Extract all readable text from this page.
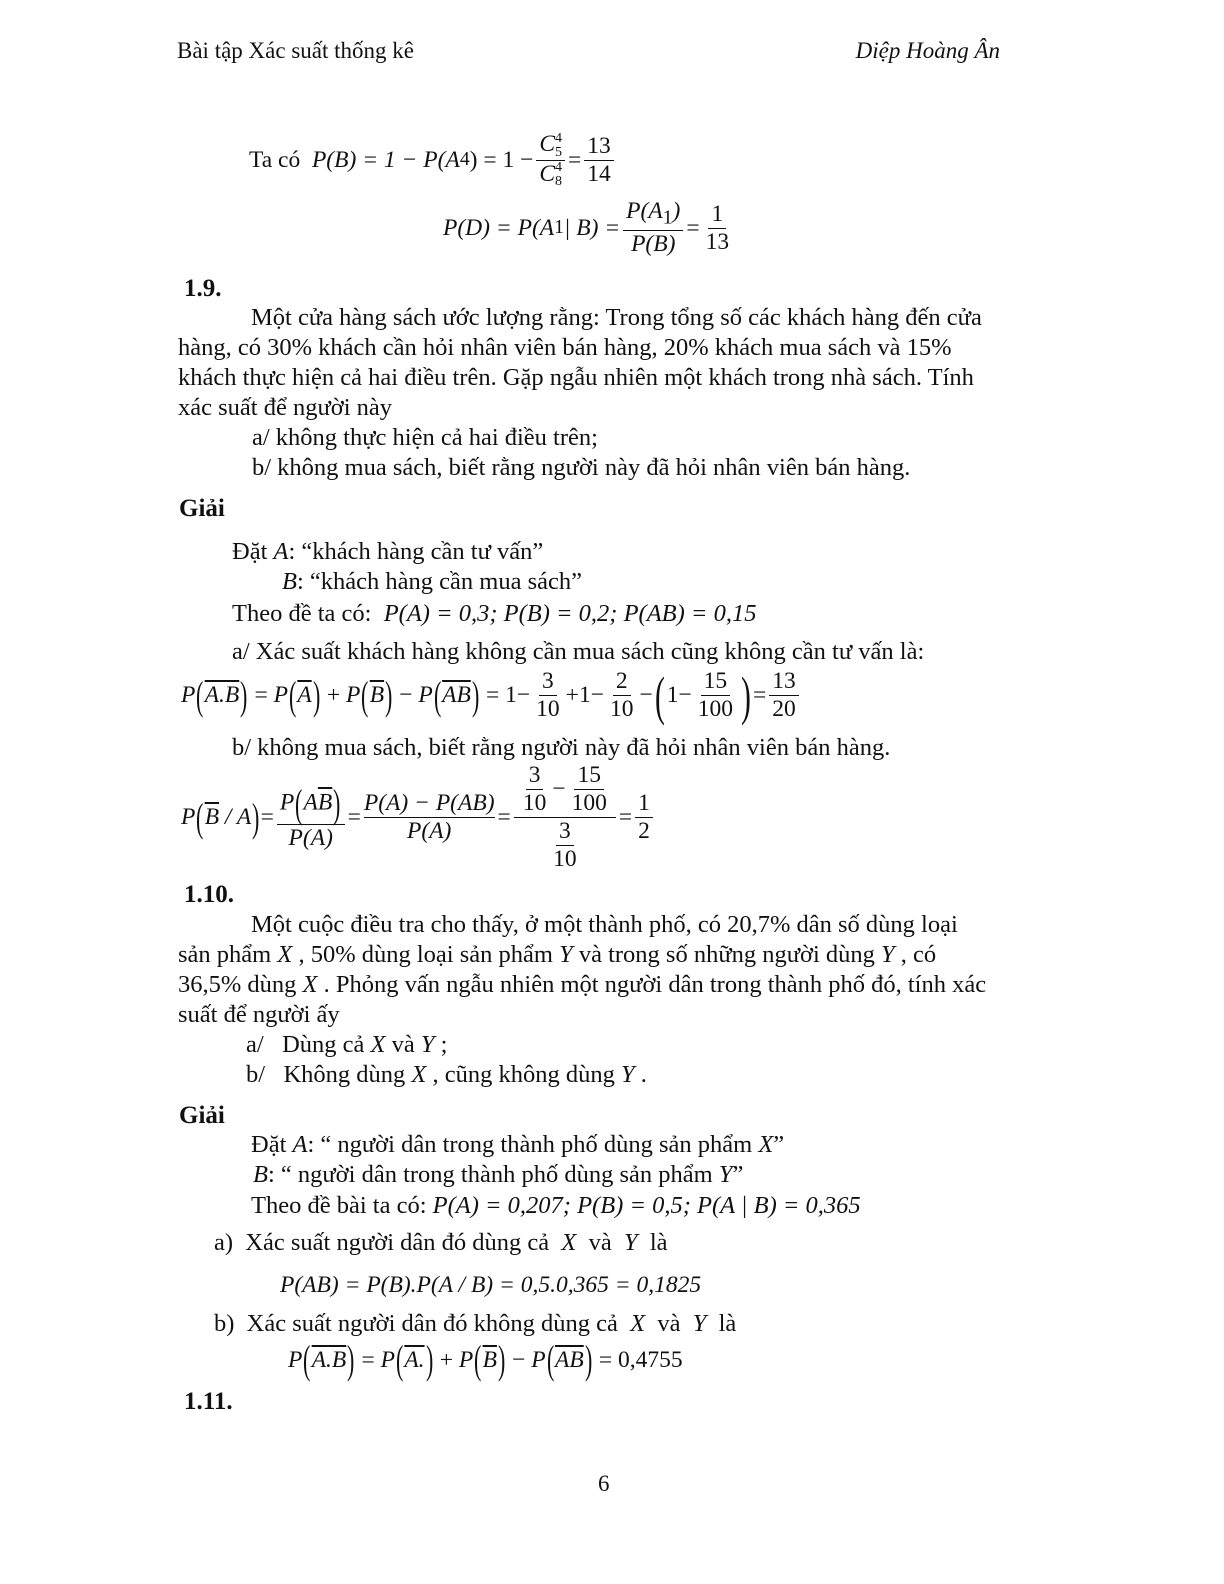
Bài tập Xác suất thống kê	Diệp Hoàng Ân
Ta có
P(B) = 1 − P(A 4 ) = 1 − C 4
5
C 4
$8 = \frac{13}{14}$
P(D) = P(A 1 | $B) = \frac{P(A_1)}{P(B)} = \frac{1}{13}$
1.9.
Một cửa hàng sách ước lượng rằng: Trong tổng số các khách hàng đến cửa
hàng, có 30% khách cần hỏi nhân viên bán hàng, 20% khách mua sách và 15%
khách thực hiện cả hai điều trên. Gặp ngẫu nhiên một khách trong nhà sách. Tính
xác suất để người này
a/ không thực hiện cả hai điều trên;
b/ không mua sách, biết rằng người này đã hỏi nhân viên bán hàng.
Giải
Đặt A: “khách hàng cần tư vấn”
B: “khách hàng cần mua sách”
Theo đề ta có: P(A) = 0,3; P(B) = 0,2; P(AB) = 0,15
a/ Xác suất khách hàng không cần mua sách cũng không cần tư vấn là:
P ( $\overline{A}$ .B )
=
P ( $\overline{A}$ )
+
P ( $\overline{B}$ )
−
P ( $\overline{AB}$ )
=
$1 - \frac{3}{10} + 1 - \frac{2}{10}$ − ( $1 - \frac{15}{100}$ ) = $\frac{13}{20}$
b/ không mua sách, biết rằng người này đã hỏi nhân viên bán hàng.
P ( $\overline{B}$
/ A ) = $\frac{P(A\overline{B})}{P(A)} = \frac{P(A) - P(AB)}{P(A)} = \frac{\frac{3}{10} - \frac{15}{100}}{\frac{3}{10}} = \frac{1}{2}$
1.10.
Một cuộc điều tra cho thấy, ở một thành phố, có 20,7% dân số dùng loại
sản phẩm X , 50% dùng loại sản phẩm Y và trong số những người dùng Y , có
36,5% dùng X . Phỏng vấn ngẫu nhiên một người dân trong thành phố đó, tính xác
suất để người ấy
a/ Dùng cả X và Y ;
b/ Không dùng X , cũng không dùng Y .
Giải
Đặt A: “ người dân trong thành phố dùng sản phẩm X”
B: “ người dân trong thành phố dùng sản phẩm Y”
Theo đề bài ta có: P(A) = 0,207; P(B) = 0,5; P(A | B) = 0,365
a) Xác suất người dân đó dùng cả X và Y là
P(AB) = P(B).P(A / B) = 0,5.0,365 = 0,1825
b) Xác suất người dân đó không dùng cả X và Y là
P ( $\overline{A}$ .B )
=
P ( A. )
+
P ( $\overline{B}$ )
−
P ( $\overline{AB}$ )
= 0,4755
1.11.
6
